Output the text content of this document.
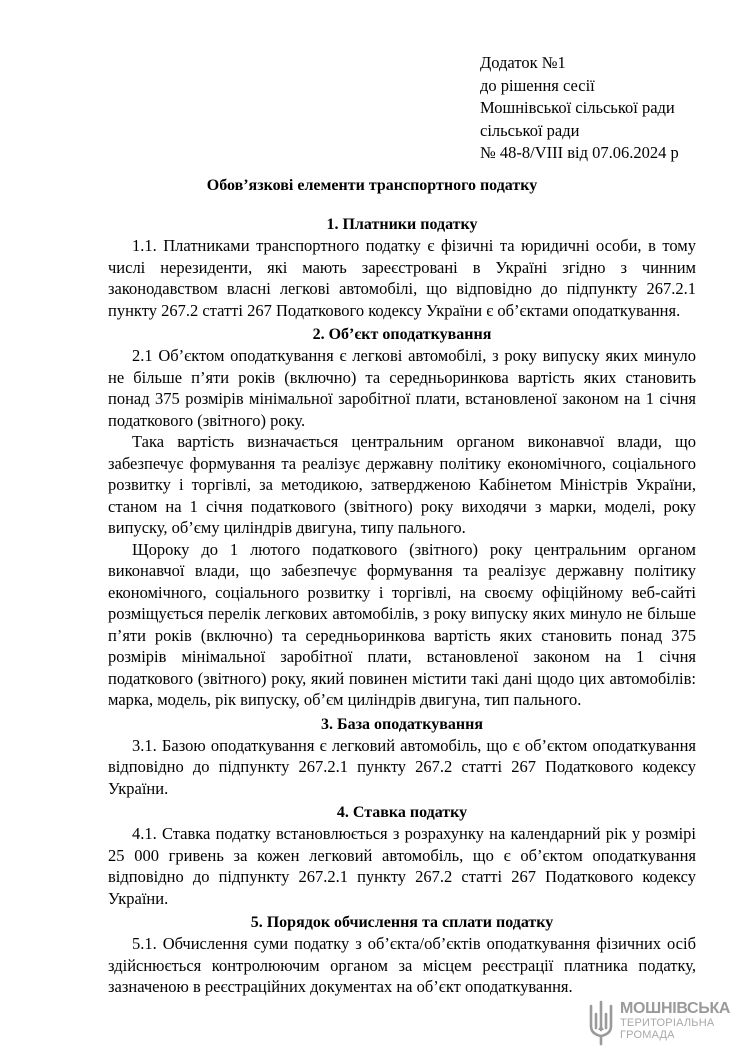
Додаток №1
до рішення сесії
Мошнівської сільської ради
сільської ради
№ 48-8/VIII від 07.06.2024 р
Обов’язкові елементи транспортного податку
1. Платники податку

1.1. Платниками транспортного податку є фізичні та юридичні особи, в тому числі нерезиденти, які мають зареєстровані в Україні згідно з чинним законодавством власні легкові автомобілі, що відповідно до підпункту 267.2.1 пункту 267.2 статті 267 Податкового кодексу України є об’єктами оподаткування.

2. Об’єкт оподаткування

2.1 Об’єктом оподаткування є легкові автомобілі, з року випуску яких минуло не більше п’яти років (включно) та середньоринкова вартість яких становить понад 375 розмірів мінімальної заробітної плати, встановленої законом на 1 січня податкового (звітного) року.

Така вартість визначається центральним органом виконавчої влади, що забезпечує формування та реалізує державну політику економічного, соціального розвитку і торгівлі, за методикою, затвердженою Кабінетом Міністрів України, станом на 1 січня податкового (звітного) року виходячи з марки, моделі, року випуску, об’єму циліндрів двигуна, типу пального.

Щороку до 1 лютого податкового (звітного) року центральним органом виконавчої влади, що забезпечує формування та реалізує державну політику економічного, соціального розвитку і торгівлі, на своєму офіційному веб-сайті розміщується перелік легкових автомобілів, з року випуску яких минуло не більше п’яти років (включно) та середньоринкова вартість яких становить понад 375 розмірів мінімальної заробітної плати, встановленої законом на 1 січня податкового (звітного) року, який повинен містити такі дані щодо цих автомобілів: марка, модель, рік випуску, об’єм циліндрів двигуна, тип пального.

3. База оподаткування

3.1. Базою оподаткування є легковий автомобіль, що є об’єктом оподаткування відповідно до підпункту 267.2.1 пункту 267.2 статті 267 Податкового кодексу України.

4. Ставка податку

4.1. Ставка податку встановлюється з розрахунку на календарний рік у розмірі 25 000 гривень за кожен легковий автомобіль, що є об’єктом оподаткування відповідно до підпункту 267.2.1 пункту 267.2 статті 267 Податкового кодексу України.

5. Порядок обчислення та сплати податку

5.1. Обчислення суми податку з об’єкта/об’єктів оподаткування фізичних осіб здійснюється контролюючим органом за місцем реєстрації платника податку, зазначеною в реєстраційних документах на об’єкт оподаткування.

МОШНІВСЬКА
ТЕРИТОРІАЛЬНА
ГРОМАДА
